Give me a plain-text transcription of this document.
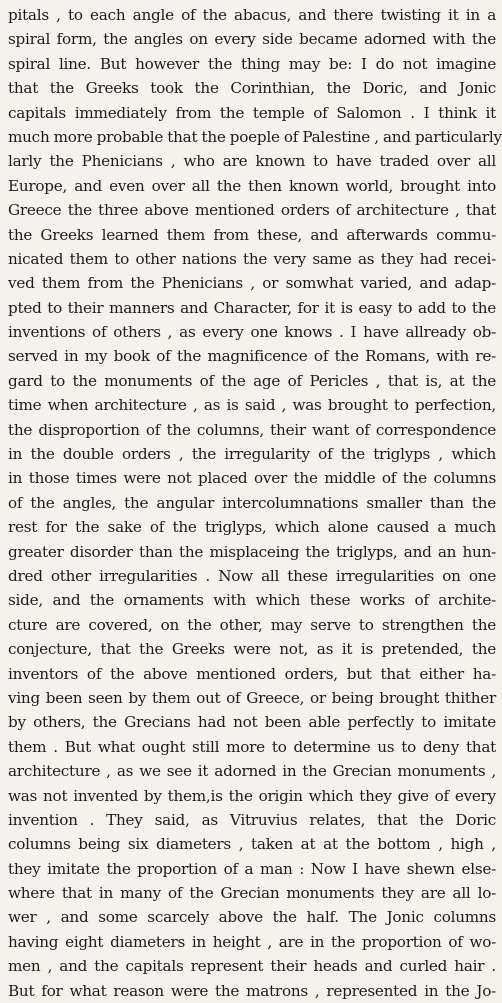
pitals , to each angle of the abacus, and there twisting it in a
spiral form, the angles on every side became adorned with the
spiral line. But however the thing may be: I do not imagine
that the Greeks took the Corinthian, the Doric, and Jonic
capitals immediately from the temple of Salomon . I think it
much more probable that the poeple of Palestine , and particularly
larly the Phenicians , who are known to have traded over all
Europe, and even over all the then known world, brought into
Greece the three above mentioned orders of architecture , that
the Greeks learned them from these, and afterwards commu-
nicated them to other nations the very same as they had recei-
ved them from the Phenicians , or somwhat varied, and adap-
pted to their manners and Character, for it is easy to add to the
inventions of others , as every one knows . I have allready ob-
served in my book of the magnificence of the Romans, with re-
gard to the monuments of the age of Pericles , that is, at the
time when architecture , as is said , was brought to perfection,
the disproportion of the columns, their want of correspondence
in the double orders , the irregularity of the triglyps , which
in those times were not placed over the middle of the columns
of the angles, the angular intercolumnations smaller than the
rest for the sake of the triglyps, which alone caused a much
greater disorder than the misplaceing the triglyps, and an hun-
dred other irregularities . Now all these irregularities on one
side, and the ornaments with which these works of archite-
cture are covered, on the other, may serve to strengthen the
conjecture, that the Greeks were not, as it is pretended, the
inventors of the above mentioned orders, but that either ha-
ving been seen by them out of Greece, or being brought thither
by others, the Grecians had not been able perfectly to imitate
them . But what ought still more to determine us to deny that
architecture , as we see it adorned in the Grecian monuments ,
was not invented by them,is the origin which they give of every
invention . They said, as Vitruvius relates, that the Doric
columns being six diameters , taken at at the bottom , high ,
they imitate the proportion of a man : Now I have shewn else-
where that in many of the Grecian monuments they are all lo-
wer , and some scarcely above the half. The Jonic columns
having eight diameters in height , are in the proportion of wo-
men , and the capitals represent their heads and curled hair .
But for what reason were the matrons , represented in the Jo-
